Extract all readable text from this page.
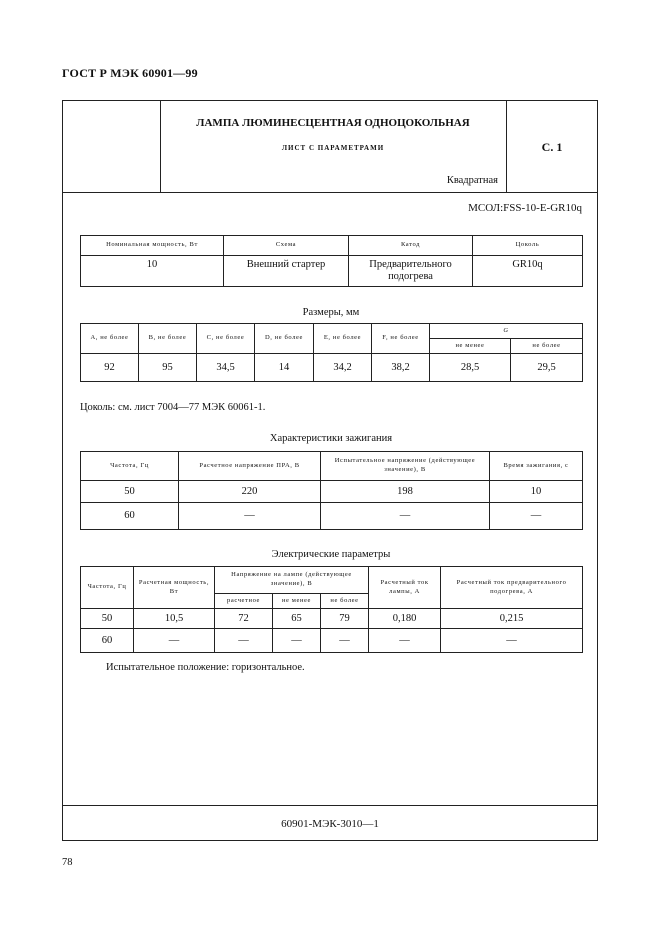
ГОСТ Р МЭК 60901—99
ЛАМПА ЛЮМИНЕСЦЕНТНАЯ ОДНОЦОКОЛЬНАЯ
ЛИСТ С ПАРАМЕТРАМИ
Квадратная
С. 1
МСОЛ:FSS-10-E-GR10q
Номинальная мощность, Вт	Схема	Катод	Цоколь
10	Внешний стартер	Предварительного подогрева	GR10q
Размеры, мм
A, не более	B, не более	C, не более	D, не более	E, не более	F, не более	G	
						не менее	не более
92	95	34,5	14	34,2	38,2	28,5	29,5
Цоколь: см. лист 7004—77 МЭК 60061-1.
Характеристики зажигания
Частота, Гц	Расчетное напряжение ПРА, В	Испытательное напряжение (действующее значение), В	Время зажигания, с
50	220	198	10
60	—	—	—
Электрические параметры
Частота, Гц	Расчетная мощность, Вт	Напряжение на лампе (действующее значение), В			Расчетный ток лампы, А	Расчетный ток предварительного подогрева, А
		расчетное	не менее	не более		
50	10,5	72	65	79	0,180	0,215
60	—	—	—	—	—	—
Испытательное положение: горизонтальное.
60901-МЭК-3010—1
78
